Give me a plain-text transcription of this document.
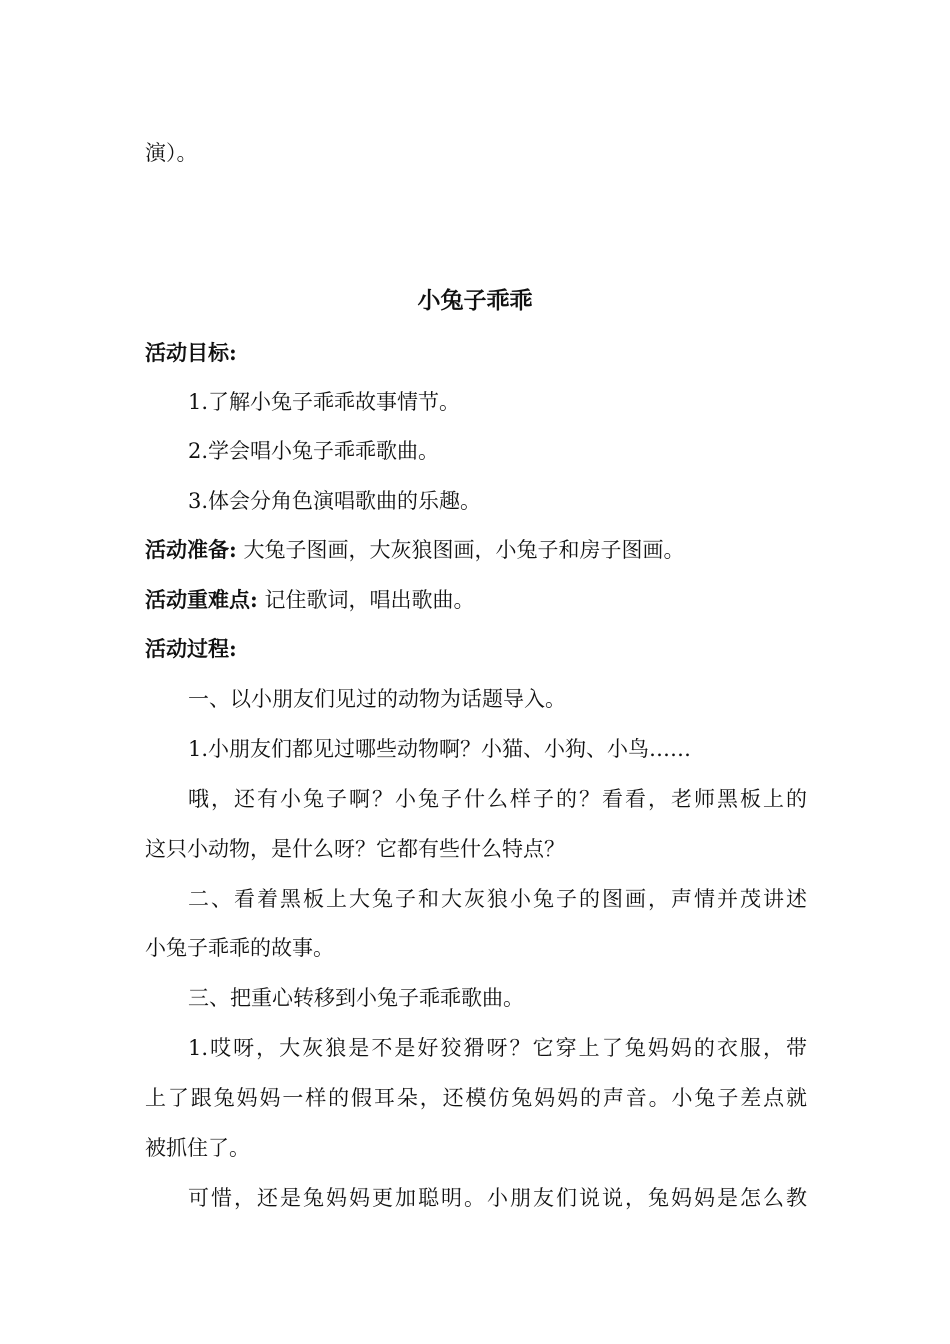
演）。
小兔子乖乖
活动目标:
1.了解小兔子乖乖故事情节。
2.学会唱小兔子乖乖歌曲。
3.体会分角色演唱歌曲的乐趣。
活动准备: 大兔子图画，大灰狼图画，小兔子和房子图画。
活动重难点: 记住歌词，唱出歌曲。
活动过程:
一、以小朋友们见过的动物为话题导入。
1.小朋友们都见过哪些动物啊？小猫、小狗、小鸟……
哦，还有小兔子啊？小兔子什么样子的？看看，老师黑板上的
这只小动物，是什么呀？它都有些什么特点？
二、看着黑板上大兔子和大灰狼小兔子的图画，声情并茂讲述
小兔子乖乖的故事。
三、把重心转移到小兔子乖乖歌曲。
1.哎呀，大灰狼是不是好狡猾呀？它穿上了兔妈妈的衣服，带
上了跟兔妈妈一样的假耳朵，还模仿兔妈妈的声音。小兔子差点就
被抓住了。
可惜，还是兔妈妈更加聪明。小朋友们说说，兔妈妈是怎么教
